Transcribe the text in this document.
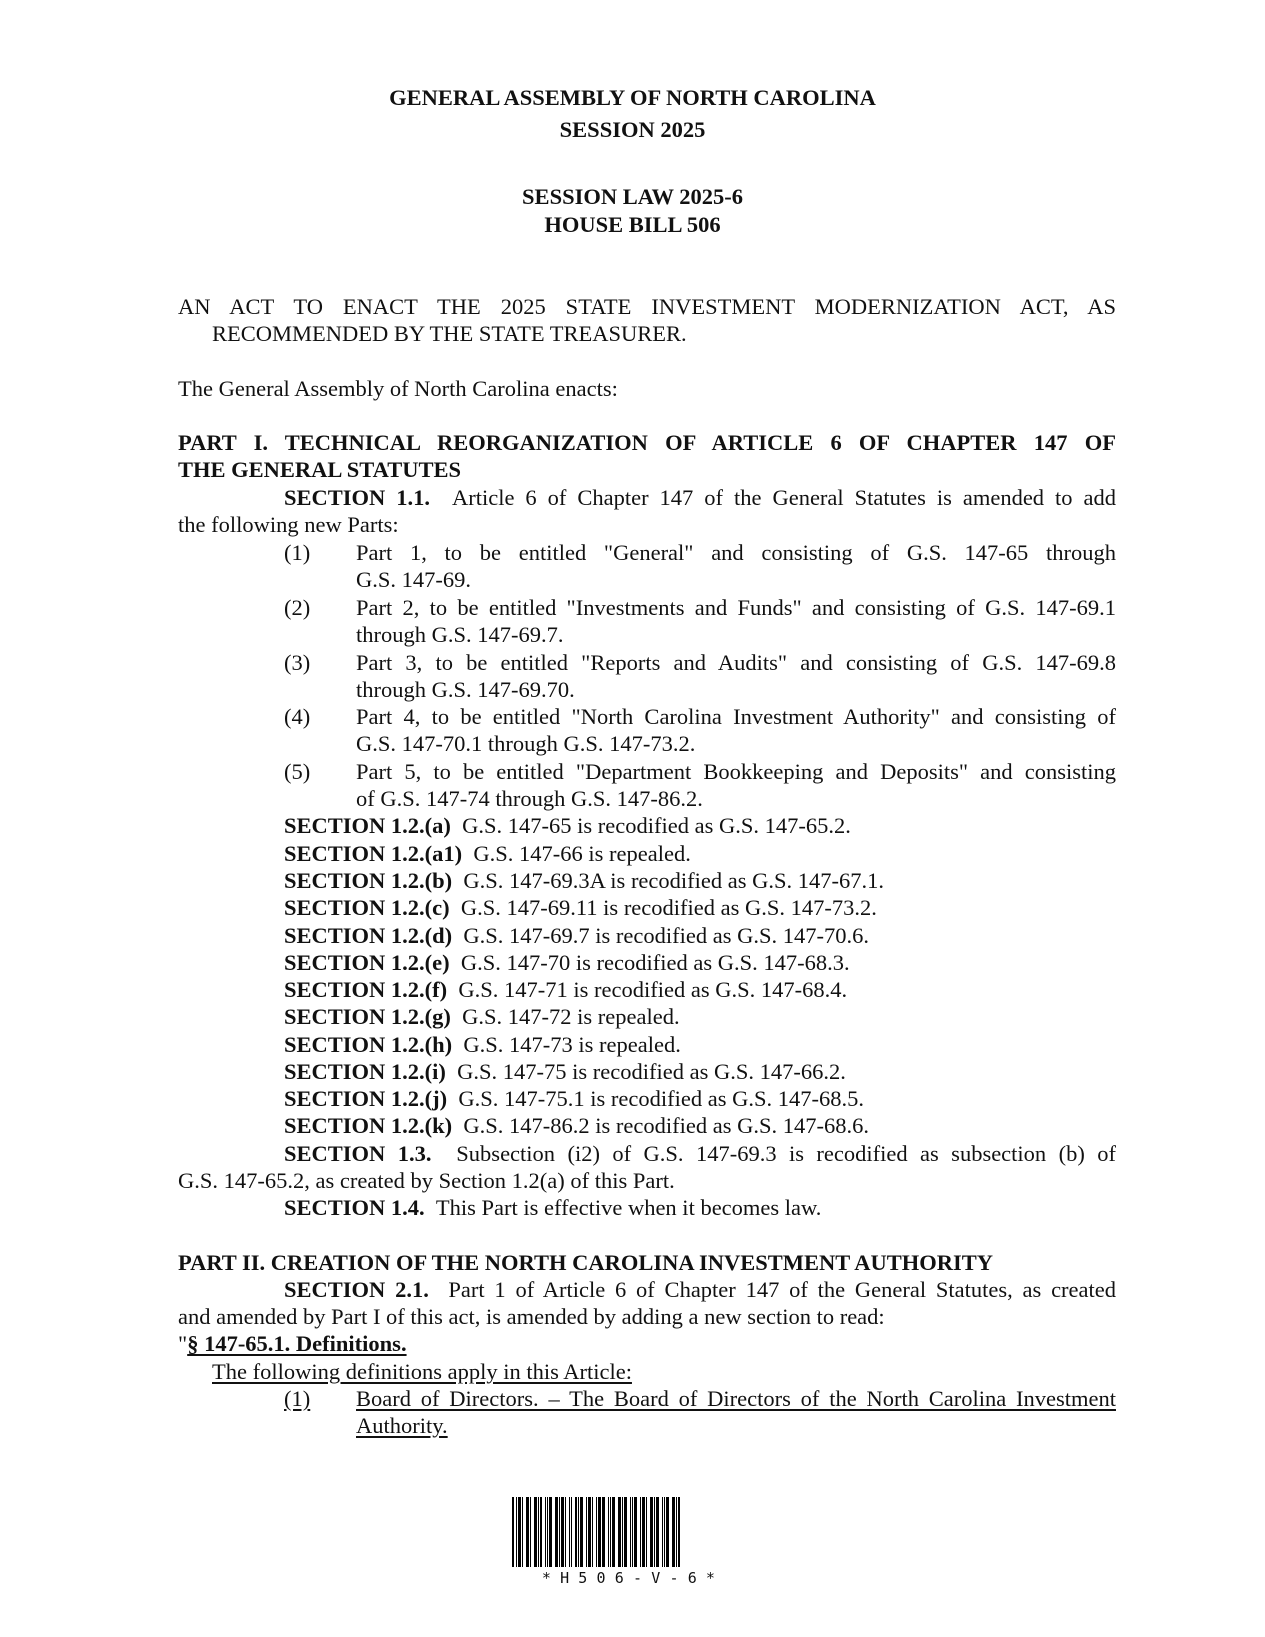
GENERAL ASSEMBLY OF NORTH CAROLINA
SESSION 2025
SESSION LAW 2025-6
HOUSE BILL 506
AN ACT TO ENACT THE 2025 STATE INVESTMENT MODERNIZATION ACT, AS
RECOMMENDED BY THE STATE TREASURER.
The General Assembly of North Carolina enacts:
PART I. TECHNICAL REORGANIZATION OF ARTICLE 6 OF CHAPTER 147 OF
THE GENERAL STATUTES
SECTION 1.1. Article 6 of Chapter 147 of the General Statutes is amended to add
the following new Parts:
(1) Part 1, to be entitled "General" and consisting of G.S. 147-65 through
G.S. 147-69.
(2) Part 2, to be entitled "Investments and Funds" and consisting of G.S. 147-69.1
through G.S. 147-69.7.
(3) Part 3, to be entitled "Reports and Audits" and consisting of G.S. 147-69.8
through G.S. 147-69.70.
(4) Part 4, to be entitled "North Carolina Investment Authority" and consisting of
G.S. 147-70.1 through G.S. 147-73.2.
(5) Part 5, to be entitled "Department Bookkeeping and Deposits" and consisting
of G.S. 147-74 through G.S. 147-86.2.
SECTION 1.2.(a) G.S. 147-65 is recodified as G.S. 147-65.2.
SECTION 1.2.(a1) G.S. 147-66 is repealed.
SECTION 1.2.(b) G.S. 147-69.3A is recodified as G.S. 147-67.1.
SECTION 1.2.(c) G.S. 147-69.11 is recodified as G.S. 147-73.2.
SECTION 1.2.(d) G.S. 147-69.7 is recodified as G.S. 147-70.6.
SECTION 1.2.(e) G.S. 147-70 is recodified as G.S. 147-68.3.
SECTION 1.2.(f) G.S. 147-71 is recodified as G.S. 147-68.4.
SECTION 1.2.(g) G.S. 147-72 is repealed.
SECTION 1.2.(h) G.S. 147-73 is repealed.
SECTION 1.2.(i) G.S. 147-75 is recodified as G.S. 147-66.2.
SECTION 1.2.(j) G.S. 147-75.1 is recodified as G.S. 147-68.5.
SECTION 1.2.(k) G.S. 147-86.2 is recodified as G.S. 147-68.6.
SECTION 1.3. Subsection (i2) of G.S. 147-69.3 is recodified as subsection (b) of
G.S. 147-65.2, as created by Section 1.2(a) of this Part.
SECTION 1.4. This Part is effective when it becomes law.
PART II. CREATION OF THE NORTH CAROLINA INVESTMENT AUTHORITY
SECTION 2.1. Part 1 of Article 6 of Chapter 147 of the General Statutes, as created
and amended by Part I of this act, is amended by adding a new section to read:
"§ 147-65.1. Definitions.
The following definitions apply in this Article:
(1) Board of Directors. – The Board of Directors of the North Carolina Investment
Authority.
*H506-V-6*
